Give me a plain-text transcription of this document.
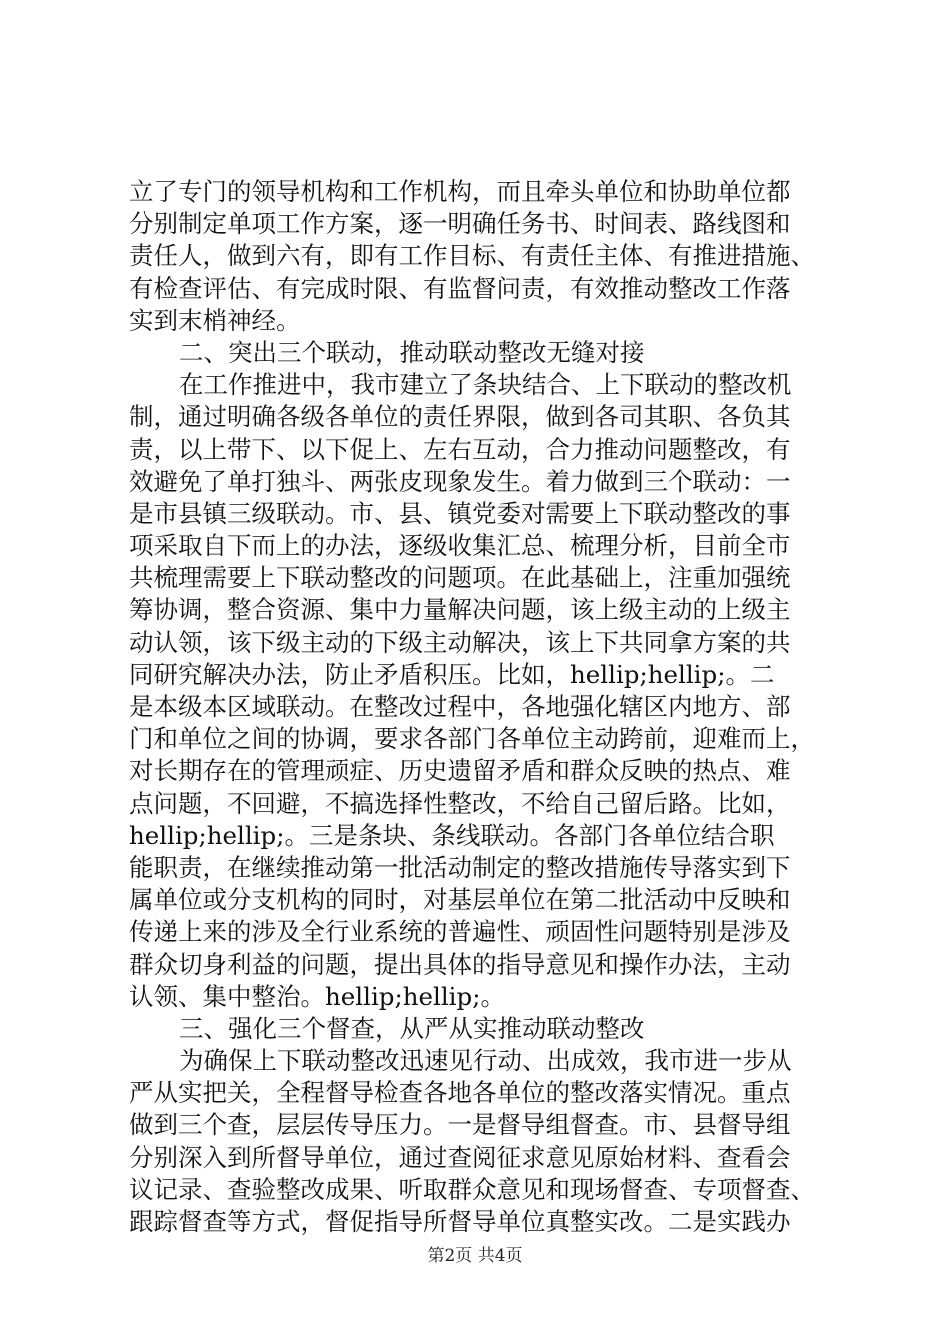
立了专门的领导机构和工作机构，而且牵头单位和协助单位都
分别制定单项工作方案，逐一明确任务书、时间表、路线图和
责任人，做到六有，即有工作目标、有责任主体、有推进措施、
有检查评估、有完成时限、有监督问责，有效推动整改工作落
实到末梢神经。
二、突出三个联动，推动联动整改无缝对接
在工作推进中，我市建立了条块结合、上下联动的整改机
制，通过明确各级各单位的责任界限，做到各司其职、各负其
责，以上带下、以下促上、左右互动，合力推动问题整改，有
效避免了单打独斗、两张皮现象发生。着力做到三个联动：一
是市县镇三级联动。市、县、镇党委对需要上下联动整改的事
项采取自下而上的办法，逐级收集汇总、梳理分析，目前全市
共梳理需要上下联动整改的问题项。在此基础上，注重加强统
筹协调，整合资源、集中力量解决问题，该上级主动的上级主
动认领，该下级主动的下级主动解决，该上下共同拿方案的共
同研究解决办法，防止矛盾积压。比如，hellip;hellip;。二
是本级本区域联动。在整改过程中，各地强化辖区内地方、部
门和单位之间的协调，要求各部门各单位主动跨前，迎难而上，
对长期存在的管理顽症、历史遗留矛盾和群众反映的热点、难
点问题，不回避，不搞选择性整改，不给自己留后路。比如，
hellip;hellip;。三是条块、条线联动。各部门各单位结合职
能职责，在继续推动第一批活动制定的整改措施传导落实到下
属单位或分支机构的同时，对基层单位在第二批活动中反映和
传递上来的涉及全行业系统的普遍性、顽固性问题特别是涉及
群众切身利益的问题，提出具体的指导意见和操作办法，主动
认领、集中整治。hellip;hellip;。
三、强化三个督查，从严从实推动联动整改
为确保上下联动整改迅速见行动、出成效，我市进一步从
严从实把关，全程督导检查各地各单位的整改落实情况。重点
做到三个查，层层传导压力。一是督导组督查。市、县督导组
分别深入到所督导单位，通过查阅征求意见原始材料、查看会
议记录、查验整改成果、听取群众意见和现场督查、专项督查、
跟踪督查等方式，督促指导所督导单位真整实改。二是实践办
第2页 共4页
